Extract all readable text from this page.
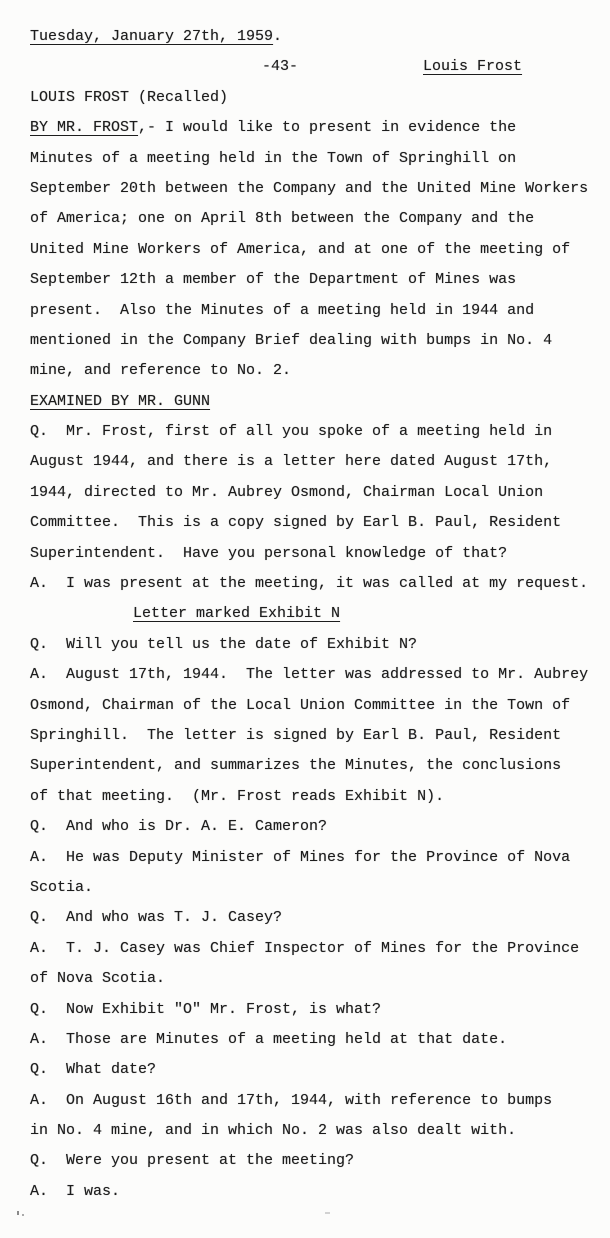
Tuesday, January 27th, 1959.

-43-

	Louis Frost

LOUIS FROST (Recalled)
BY MR. FROST,- I would like to present in evidence the
Minutes of a meeting held in the Town of Springhill on
September 20th between the Company and the United Mine Workers
of America; one on April 8th between the Company and the
United Mine Workers of America, and at one of the meeting of
September 12th a member of the Department of Mines was
present.  Also the Minutes of a meeting held in 1944 and
mentioned in the Company Brief dealing with bumps in No. 4
mine, and reference to No. 2.
EXAMINED BY MR. GUNN
Q.  Mr. Frost, first of all you spoke of a meeting held in
August 1944, and there is a letter here dated August 17th,
1944, directed to Mr. Aubrey Osmond, Chairman Local Union
Committee.  This is a copy signed by Earl B. Paul, Resident
Superintendent.  Have you personal knowledge of that?
A.  I was present at the meeting, it was called at my request.
Letter marked Exhibit N
Q.  Will you tell us the date of Exhibit N?
A.  August 17th, 1944.  The letter was addressed to Mr. Aubrey
Osmond, Chairman of the Local Union Committee in the Town of
Springhill.  The letter is signed by Earl B. Paul, Resident
Superintendent, and summarizes the Minutes, the conclusions
of that meeting.  (Mr. Frost reads Exhibit N).
Q.  And who is Dr. A. E. Cameron?
A.  He was Deputy Minister of Mines for the Province of Nova
Scotia.
Q.  And who was T. J. Casey?
A.  T. J. Casey was Chief Inspector of Mines for the Province
of Nova Scotia.
Q.  Now Exhibit "O" Mr. Frost, is what?
A.  Those are Minutes of a meeting held at that date.
Q.  What date?
A.  On August 16th and 17th, 1944, with reference to bumps
in No. 4 mine, and in which No. 2 was also dealt with.
Q.  Were you present at the meeting?
A.  I was.
